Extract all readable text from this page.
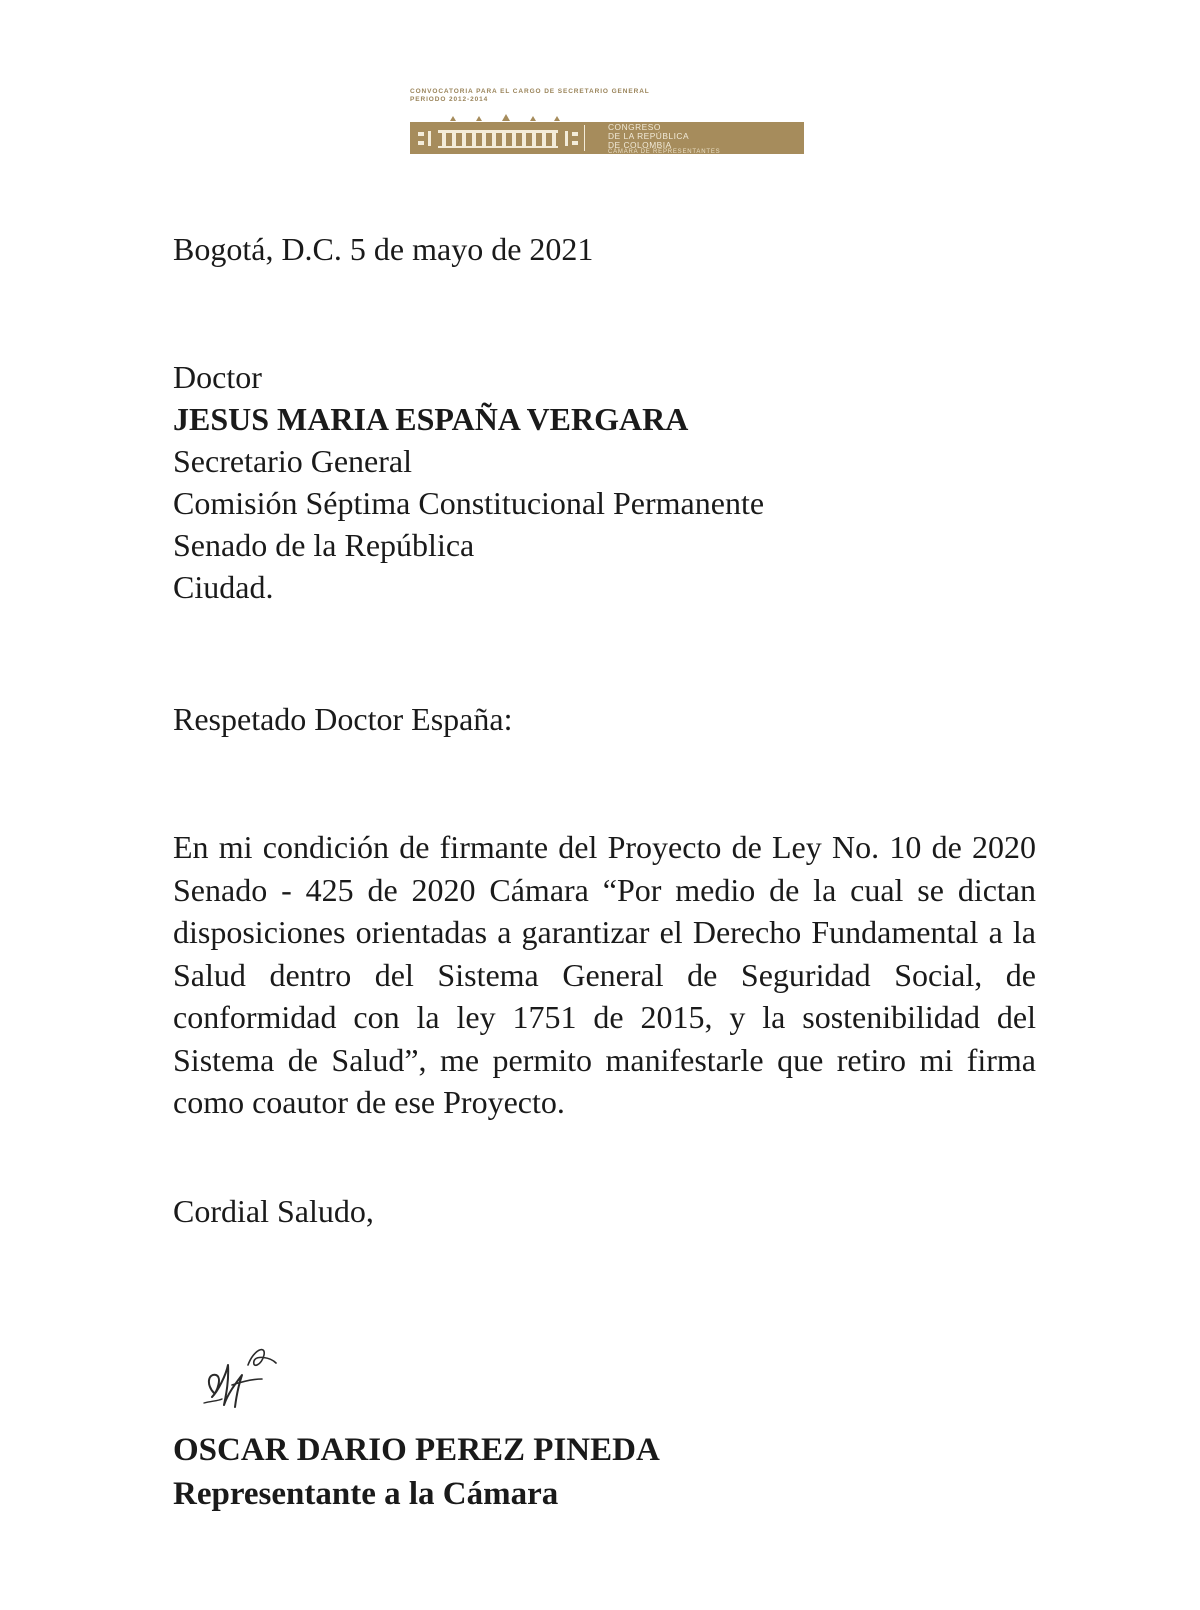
CONVOCATORIA PARA EL CARGO DE SECRETARIO GENERAL
PERIODO 2012-2014
CONGRESO
DE LA REPÚBLICA
DE COLOMBIA
CÁMARA DE REPRESENTANTES
Bogotá, D.C. 5 de mayo de 2021
Doctor
JESUS MARIA ESPAÑA VERGARA
Secretario General
Comisión Séptima Constitucional Permanente
Senado de la República
Ciudad.
Respetado Doctor España:
En mi condición de firmante del Proyecto de Ley No. 10 de 2020 Senado - 425 de 2020 Cámara “Por medio de la cual se dictan disposiciones orientadas a garantizar el Derecho Fundamental a la Salud dentro del Sistema General de Seguridad Social, de conformidad con la ley 1751 de 2015, y la sostenibilidad del Sistema de Salud”, me permito manifestarle que retiro mi firma como coautor de ese Proyecto.
Cordial Saludo,
OSCAR DARIO PEREZ PINEDA
Representante a la Cámara
